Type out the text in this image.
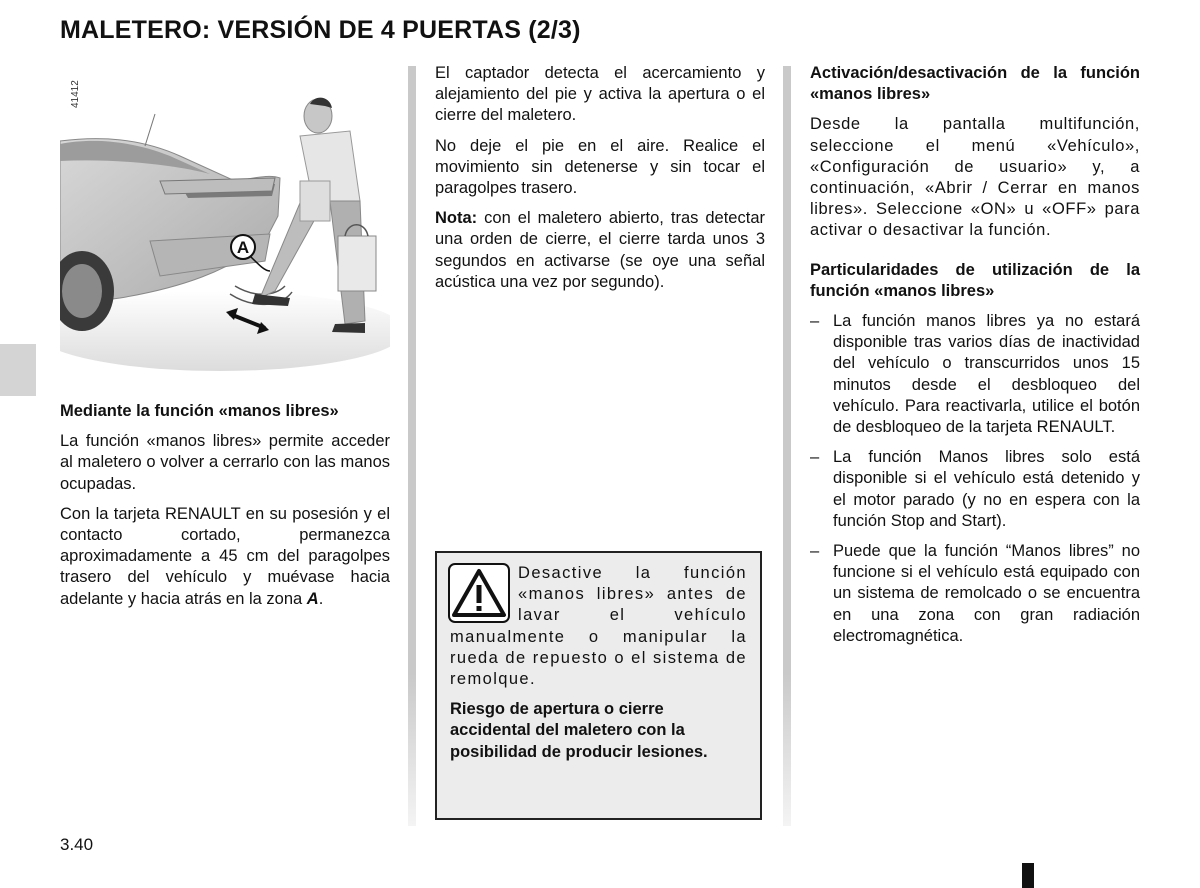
MALETERO: VERSIÓN DE 4 PUERTAS (2/3)
41412
A

Mediante la función «manos libres»

La función «manos libres» permite acceder al maletero o volver a cerrarlo con las manos ocupadas.

Con la tarjeta RENAULT en su posesión y el contacto cortado, permanezca aproximadamente a 45 cm del paragolpes trasero del vehículo y muévase hacia adelante y hacia atrás en la zona A.

El captador detecta el acercamiento y alejamiento del pie y activa la apertura o el cierre del maletero.

No deje el pie en el aire. Realice el movimiento sin detenerse y sin tocar el paragolpes trasero.

Nota: con el maletero abierto, tras detectar una orden de cierre, el cierre tarda unos 3 segundos en activarse (se oye una señal acústica una vez por segundo).

Desactive la función «manos libres» antes de lavar el vehículo manualmente o manipular la rueda de repuesto o el sistema de remolque.

Riesgo de apertura o cierre accidental del maletero con la posibilidad de producir lesiones.

Activación/desactivación de la función «manos libres»

Desde la pantalla multifunción, seleccione el menú «Vehículo», «Configuración de usuario» y, a continuación, «Abrir / Cerrar en manos libres». Seleccione «ON» u «OFF» para activar o desactivar la función.

Particularidades de utilización de la función «manos libres»

– La función manos libres ya no estará disponible tras varios días de inactividad del vehículo o transcurridos unos 15 minutos desde el desbloqueo del vehículo. Para reactivarla, utilice el botón de desbloqueo de la tarjeta RENAULT.
– La función Manos libres solo está disponible si el vehículo está detenido y el motor parado (y no en espera con la función Stop and Start).
– Puede que la función “Manos libres” no funcione si el vehículo está equipado con un sistema de remolcado o se encuentra en una zona con gran radiación electromagnética.
3.40
